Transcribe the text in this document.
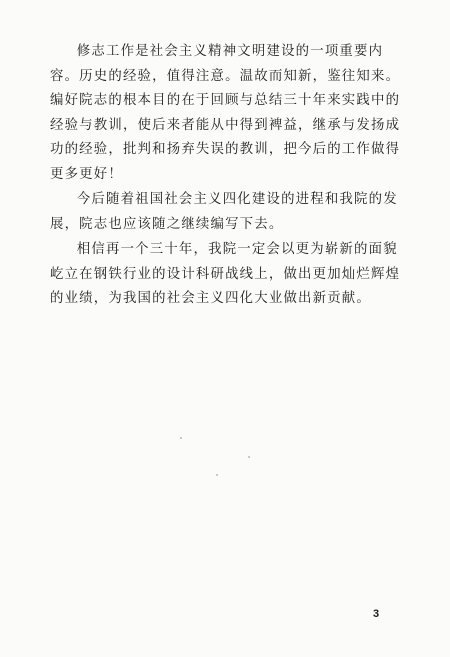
修志工作是社会主义精神文明建设的一项重要内容。历史的经验，值得注意。温故而知新，鉴往知来。编好院志的根本目的在于回顾与总结三十年来实践中的经验与教训，使后来者能从中得到裨益，继承与发扬成功的经验，批判和扬弃失误的教训，把今后的工作做得更多更好！

今后随着祖国社会主义四化建设的进程和我院的发展，院志也应该随之继续编写下去。

相信再一个三十年，我院一定会以更为崭新的面貌屹立在钢铁行业的设计科研战线上，做出更加灿烂辉煌的业绩，为我国的社会主义四化大业做出新贡献。

3
